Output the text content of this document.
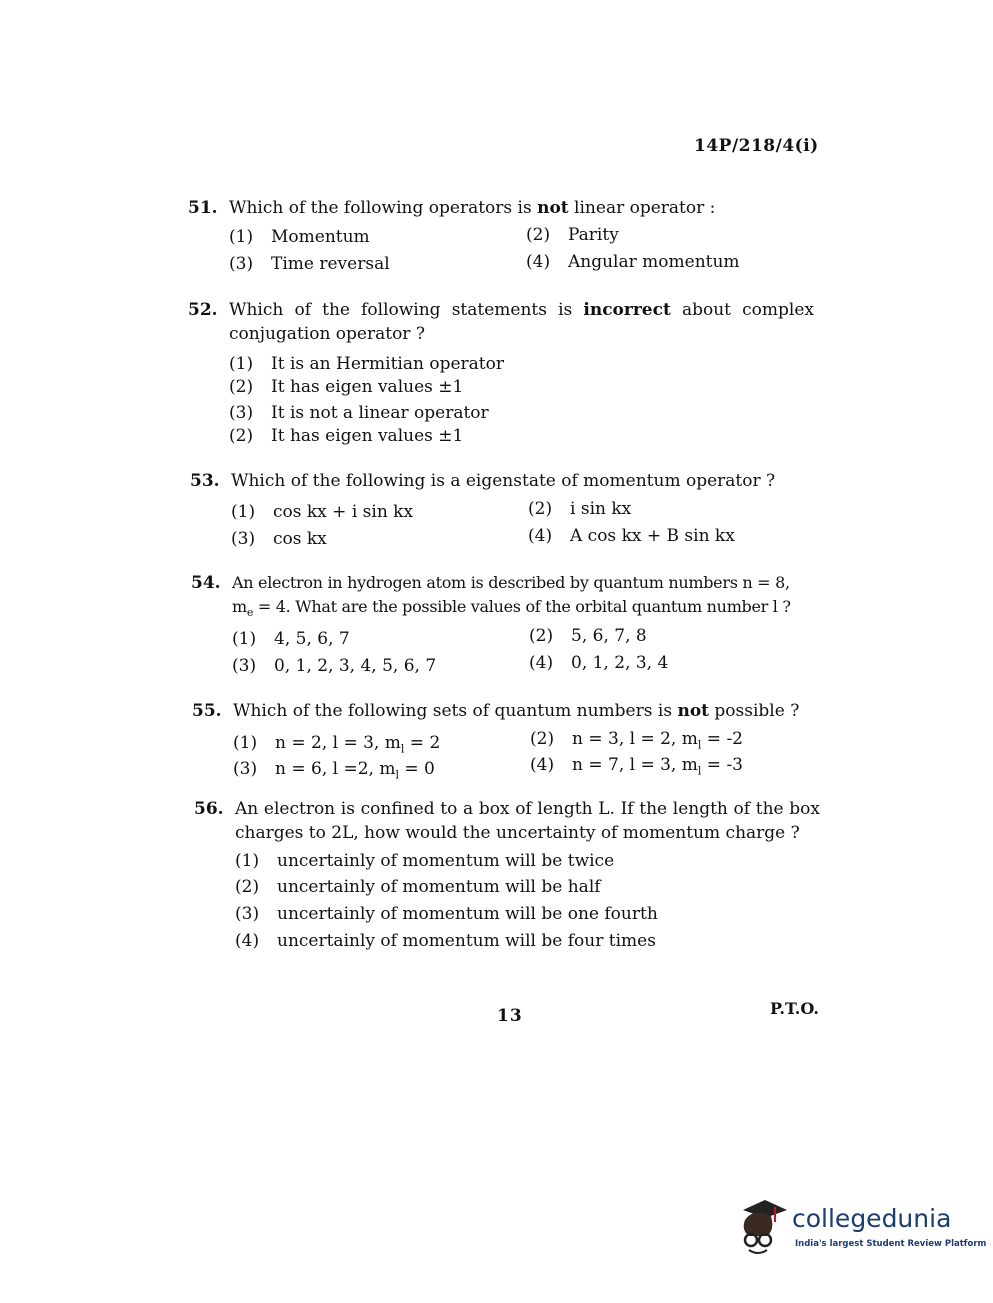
14P/218/4(i)
51. Which of the following operators is not linear operator :
(1) Momentum	(2) Parity
(3) Time reversal	(4) Angular momentum
52. Which of the following statements is incorrect about complex conjugation operator ?
(1) It is an Hermitian operator
(2) It has eigen values ±1
(3) It is not a linear operator
(2) It has eigen values ±1
53. Which of the following is a eigenstate of momentum operator ?
(1) cos kx + i sin kx	(2) i sin kx
(3) cos kx	(4) A cos kx + B sin kx
54. An electron in hydrogen atom is described by quantum numbers n = 8,
$m_e = 4$. What are the possible values of the orbital quantum number l ?
(1) 4, 5, 6, 7	(2) 5, 6, 7, 8
(3) 0, 1, 2, 3, 4, 5, 6, 7	(4) 0, 1, 2, 3, 4
55. Which of the following sets of quantum numbers is not possible ?
(1) n = 2, l = 3, $m_l = 2$	(2) n = 3, l = 2, $m_l = -2$
(3) n = 6, l =2, $m_l = 0$	(4) n = 7, l = 3, $m_l = -3$
56. An electron is confined to a box of length L. If the length of the box charges to 2L, how would the uncertainty of momentum charge ?
(1) uncertainly of momentum will be twice
(2) uncertainly of momentum will be half
(3) uncertainly of momentum will be one fourth
(4) uncertainly of momentum will be four times
13	P.T.O.
collegedunia
India's largest Student Review Platform
